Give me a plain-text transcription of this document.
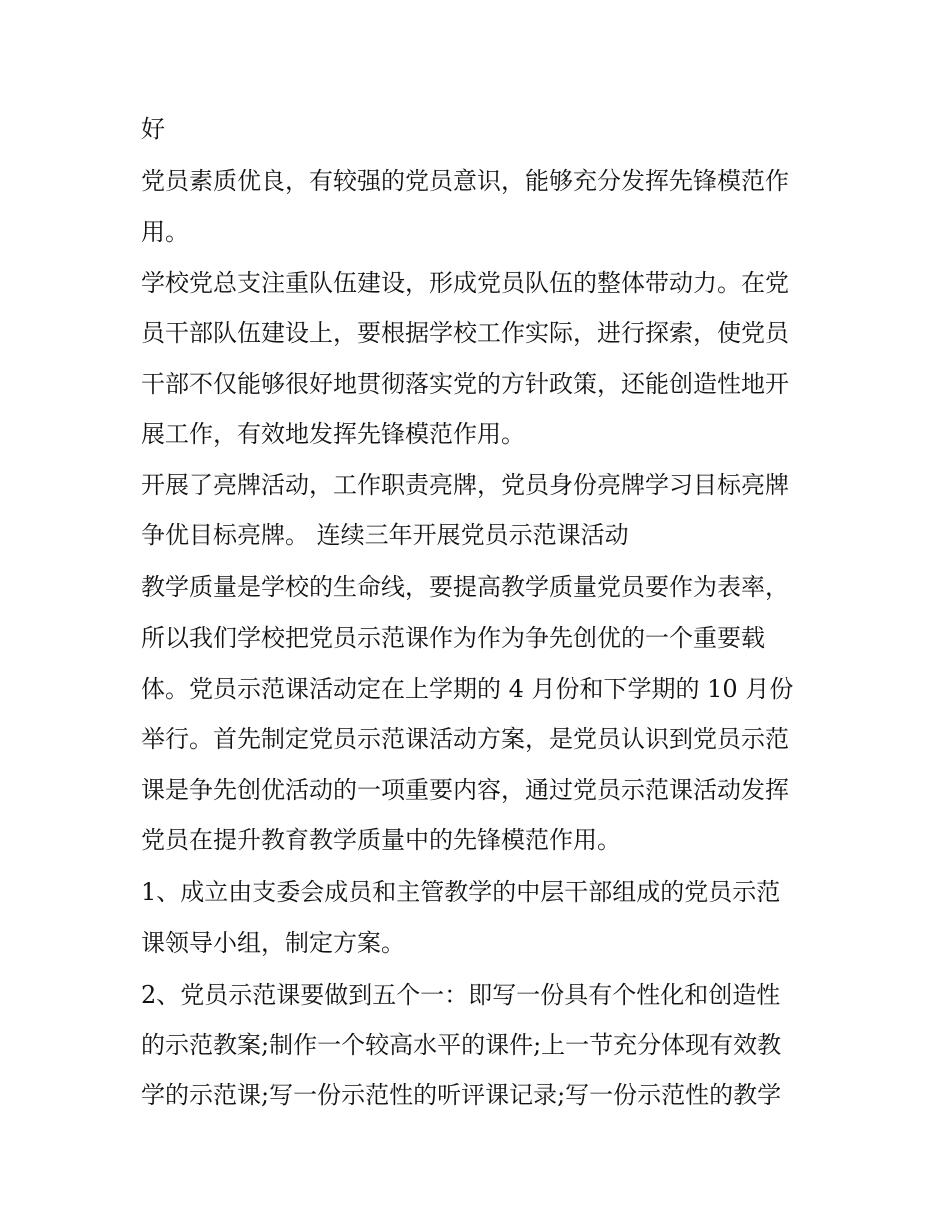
好
党员素质优良，有较强的党员意识，能够充分发挥先锋模范作
用。
学校党总支注重队伍建设，形成党员队伍的整体带动力。在党
员干部队伍建设上，要根据学校工作实际，进行探索，使党员
干部不仅能够很好地贯彻落实党的方针政策，还能创造性地开
展工作，有效地发挥先锋模范作用。
开展了亮牌活动，工作职责亮牌，党员身份亮牌学习目标亮牌
争优目标亮牌。 连续三年开展党员示范课活动
教学质量是学校的生命线，要提高教学质量党员要作为表率，
所以我们学校把党员示范课作为作为争先创优的一个重要载
体。党员示范课活动定在上学期的 4 月份和下学期的 10 月份
举行。首先制定党员示范课活动方案，是党员认识到党员示范
课是争先创优活动的一项重要内容，通过党员示范课活动发挥
党员在提升教育教学质量中的先锋模范作用。
1、成立由支委会成员和主管教学的中层干部组成的党员示范
课领导小组，制定方案。
2、党员示范课要做到五个一：即写一份具有个性化和创造性
的示范教案;制作一个较高水平的课件;上一节充分体现有效教
学的示范课;写一份示范性的听评课记录;写一份示范性的教学
